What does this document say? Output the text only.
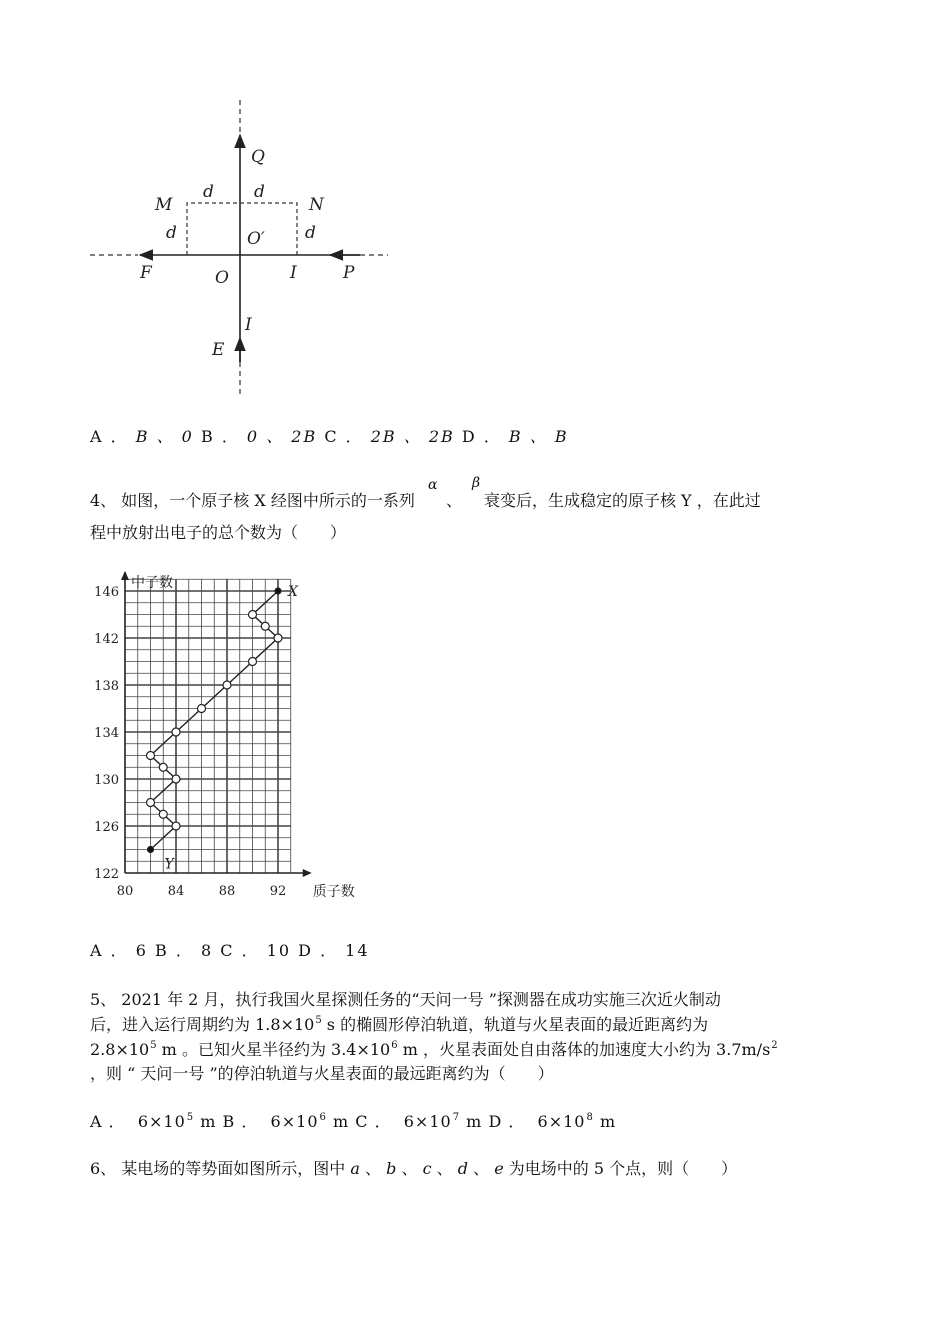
Q
M	N
d d
d	d
O′
F	O	I	P
I
E
A ． B 、 0 B ． 0 、 2B C ． 2B 、 2B D ． B 、 B
4、 如图，一个原子核 X 经图中所示的一系列
α
、
β
衰变后，生成稳定的原子核 Y ，在此过
程中放射出电子的总个数为（　　）
122
126
130
134
138
142
146
80	84	88	92
中子数
质子数
X
Y
A ． 6 B ． 8 C ． 10 D ． 14
5、 2021 年 2 月，执行我国火星探测任务的“天问一号 ”探测器在成功实施三次近火制动
后，进入运行周期约为 $1.8\times 10^5$ s 的椭圆形停泊轨道，轨道与火星表面的最近距离约为
$2.8\times 10^5$ m 。已知火星半径约为 $3.4\times 10^6$ m ，火星表面处自由落体的加速度大小约为 $3.7m/s^2$
，则 “ 天问一号 ”的停泊轨道与火星表面的最远距离约为（　　）
A ．  $6\times 10^5$ m B ．  $6\times 10^6$ m C ．  $6\times 10^7$ m D ．  $6\times 10^8$ m
6、 某电场的等势面如图所示，图中 a 、 b 、 c 、 d 、 e 为电场中的 5 个点，则（　　）
